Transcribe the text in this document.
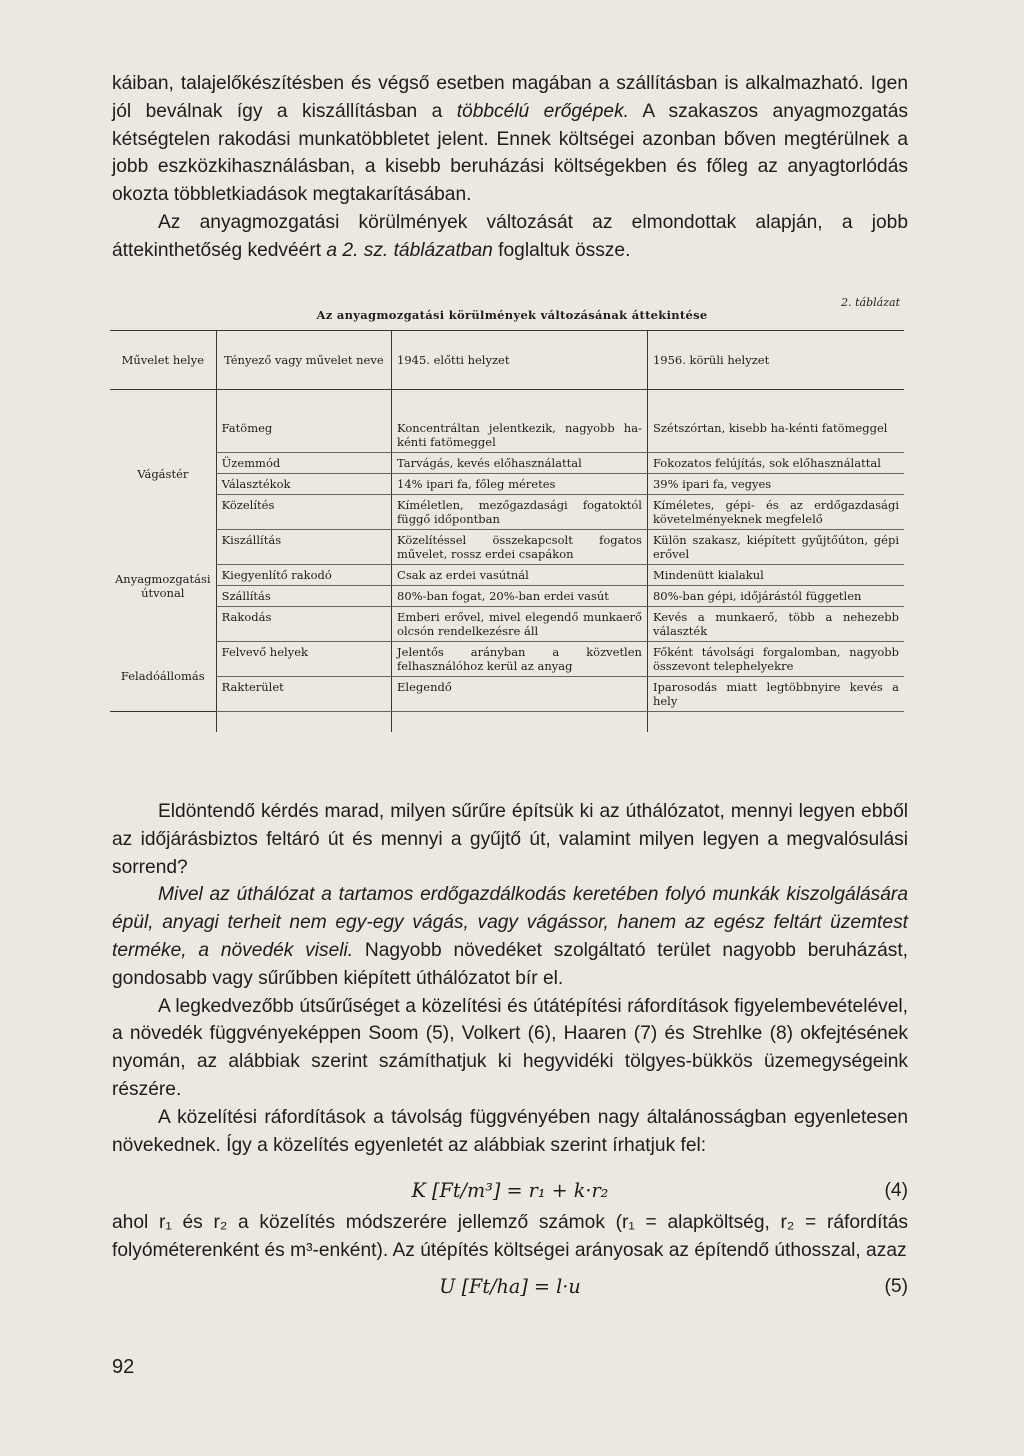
káiban, talajelőkészítésben és végső esetben magában a szállításban is alkalmazható. Igen jól beválnak így a kiszállításban a többcélú erőgépek. A szakaszos anyagmozgatás kétségtelen rakodási munkatöbbletet jelent. Ennek költségei azonban bőven megtérülnek a jobb eszközkihasználásban, a kisebb beruházási költségekben és főleg az anyagtorlódás okozta többletkiadások megtakarításában.

Az anyagmozgatási körülmények változását az elmondottak alapján, a jobb áttekinthetőség kedvéért a 2. sz. táblázatban foglaltuk össze.

2. táblázat
Az anyagmozgatási körülmények változásának áttekintése
Művelet helye	Tényező vagy művelet neve	1945. előtti helyzet	1956. körüli helyzet

Vágástér	Fatömeg	Koncentráltan jelentkezik, nagyobb ha-kénti fatömeggel	Szétszórtan, kisebb ha-kénti fatömeggel
	Üzemmód	Tarvágás, kevés előhasználattal	Fokozatos felújítás, sok előhasználattal
	Választékok	14% ipari fa, főleg méretes	39% ipari fa, vegyes
	Közelítés	Kíméletlen, mezőgazdasági fogatoktól függő időpontban	Kíméletes, gépi- és az erdőgazdasági követelményeknek megfelelő
Anyagmozgatási útvonal	Kiszállítás	Közelítéssel összekapcsolt fogatos művelet, rossz erdei csapákon	Külön szakasz, kiépített gyűjtőúton, gépi erővel
	Kiegyenlítő rakodó	Csak az erdei vasútnál	Mindenütt kialakul
	Szállítás	80%-ban fogat, 20%-ban erdei vasút	80%-ban gépi, időjárástól független
	Rakodás	Emberi erővel, mivel elegendő munkaerő olcsón rendelkezésre áll	Kevés a munkaerő, több a nehezebb választék
Feladóállomás	Felvevő helyek	Jelentős arányban a közvetlen felhasználóhoz kerül az anyag	Főként távolsági forgalomban, nagyobb összevont telephelyekre
	Rakterület	Elegendő	Iparosodás miatt legtöbbnyire kevés a hely

Eldöntendő kérdés marad, milyen sűrűre építsük ki az úthálózatot, mennyi legyen ebből az időjárásbiztos feltáró út és mennyi a gyűjtő út, valamint milyen legyen a megvalósulási sorrend?

Mivel az úthálózat a tartamos erdőgazdálkodás keretében folyó munkák kiszolgálására épül, anyagi terheit nem egy-egy vágás, vagy vágássor, hanem az egész feltárt üzemtest terméke, a növedék viseli. Nagyobb növedéket szolgáltató terület nagyobb beruházást, gondosabb vagy sűrűbben kiépített úthálózatot bír el.

A legkedvezőbb útsűrűséget a közelítési és útátépítési ráfordítások figyelembevételével, a növedék függvényeképpen Soom (5), Volkert (6), Haaren (7) és Strehlke (8) okfejtésének nyomán, az alábbiak szerint számíthatjuk ki hegyvidéki tölgyes-bükkös üzemegységeink részére.

A közelítési ráfordítások a távolság függvényében nagy általánosságban egyenletesen növekednek. Így a közelítés egyenletét az alábbiak szerint írhatjuk fel:

K [Ft/m³] = r₁ + k·r₂	(4)

ahol r₁ és r₂ a közelítés módszerére jellemző számok (r₁ = alapköltség, r₂ = ráfordítás folyóméterenként és m³-enként). Az útépítés költségei arányosak az építendő úthosszal, azaz

U [Ft/ha] = l·u	(5)
92
